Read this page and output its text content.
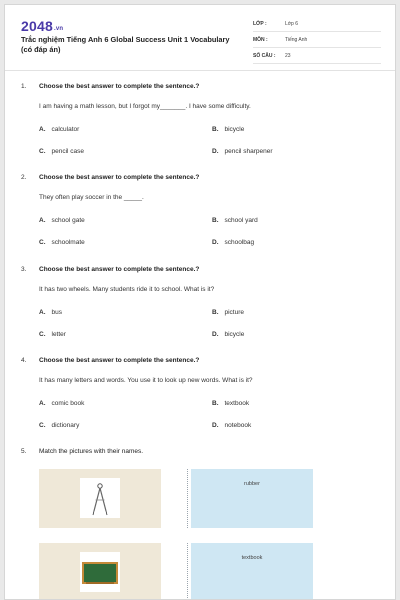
2048.vn
Trắc nghiệm Tiếng Anh 6 Global Success Unit 1 Vocabulary (có đáp án)
LỚP :	Lớp 6
MÔN :	Tiếng Anh
SỐ CÂU : 23
1. Choose the best answer to complete the sentence.?
I am having a math lesson, but I forgot my_______. I have some difficulty.
A. calculator	B. bicycle
C. pencil case	D. pencil sharpener
2. Choose the best answer to complete the sentence.?
They often play soccer in the _____.
A. school gate	B. school yard
C. schoolmate	D. schoolbag
3. Choose the best answer to complete the sentence.?
It has two wheels. Many students ride it to school. What is it?
A. bus	B. picture
C. letter	D. bicycle
4. Choose the best answer to complete the sentence.?
It has many letters and words. You use it to look up new words. What is it?
A. comic book	B. textbook
C. dictionary	D. notebook
5. Match the pictures with their names.
rubber
textbook
